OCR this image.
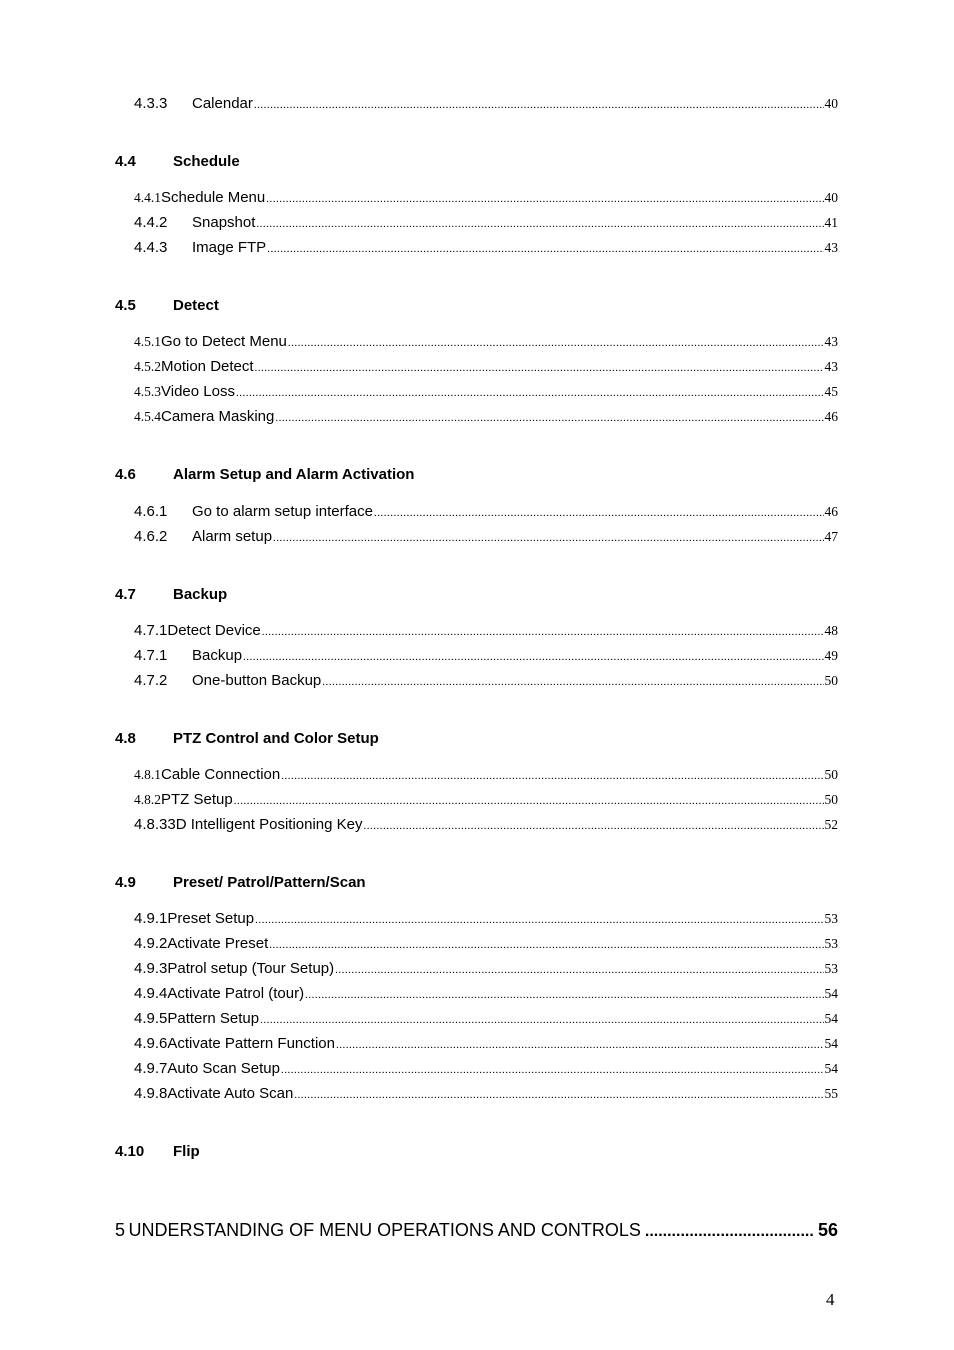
4.3.3	Calendar .....	40
4.4	Schedule
4.4.1 Schedule Menu .....	40
4.4.2	Snapshot .....	41
4.4.3	Image FTP .....	43
4.5	Detect
4.5.1 Go to Detect Menu .....	43
4.5.2 Motion Detect .....	43
4.5.3 Video Loss .....	45
4.5.4 Camera Masking .....	46
4.6	Alarm Setup and Alarm Activation
4.6.1	Go to alarm setup interface .....	46
4.6.2	Alarm setup .....	47
4.7	Backup
4.7.1 Detect Device .....	48
4.7.1	Backup .....	49
4.7.2	One-button Backup .....	50
4.8	PTZ Control and Color Setup
4.8.1 Cable Connection .....	50
4.8.2 PTZ Setup .....	50
4.8.3 3D Intelligent Positioning Key .....	52
4.9	Preset/ Patrol/Pattern/Scan
4.9.1 Preset Setup .....	53
4.9.2 Activate Preset .....	53
4.9.3 Patrol setup (Tour Setup) .....	53
4.9.4 Activate Patrol (tour) .....	54
4.9.5 Pattern Setup .....	54
4.9.6 Activate Pattern Function .....	54
4.9.7 Auto Scan Setup .....	54
4.9.8 Activate Auto Scan .....	55
4.10	Flip
5 UNDERSTANDING OF MENU OPERATIONS AND CONTROLS .....	56
4
